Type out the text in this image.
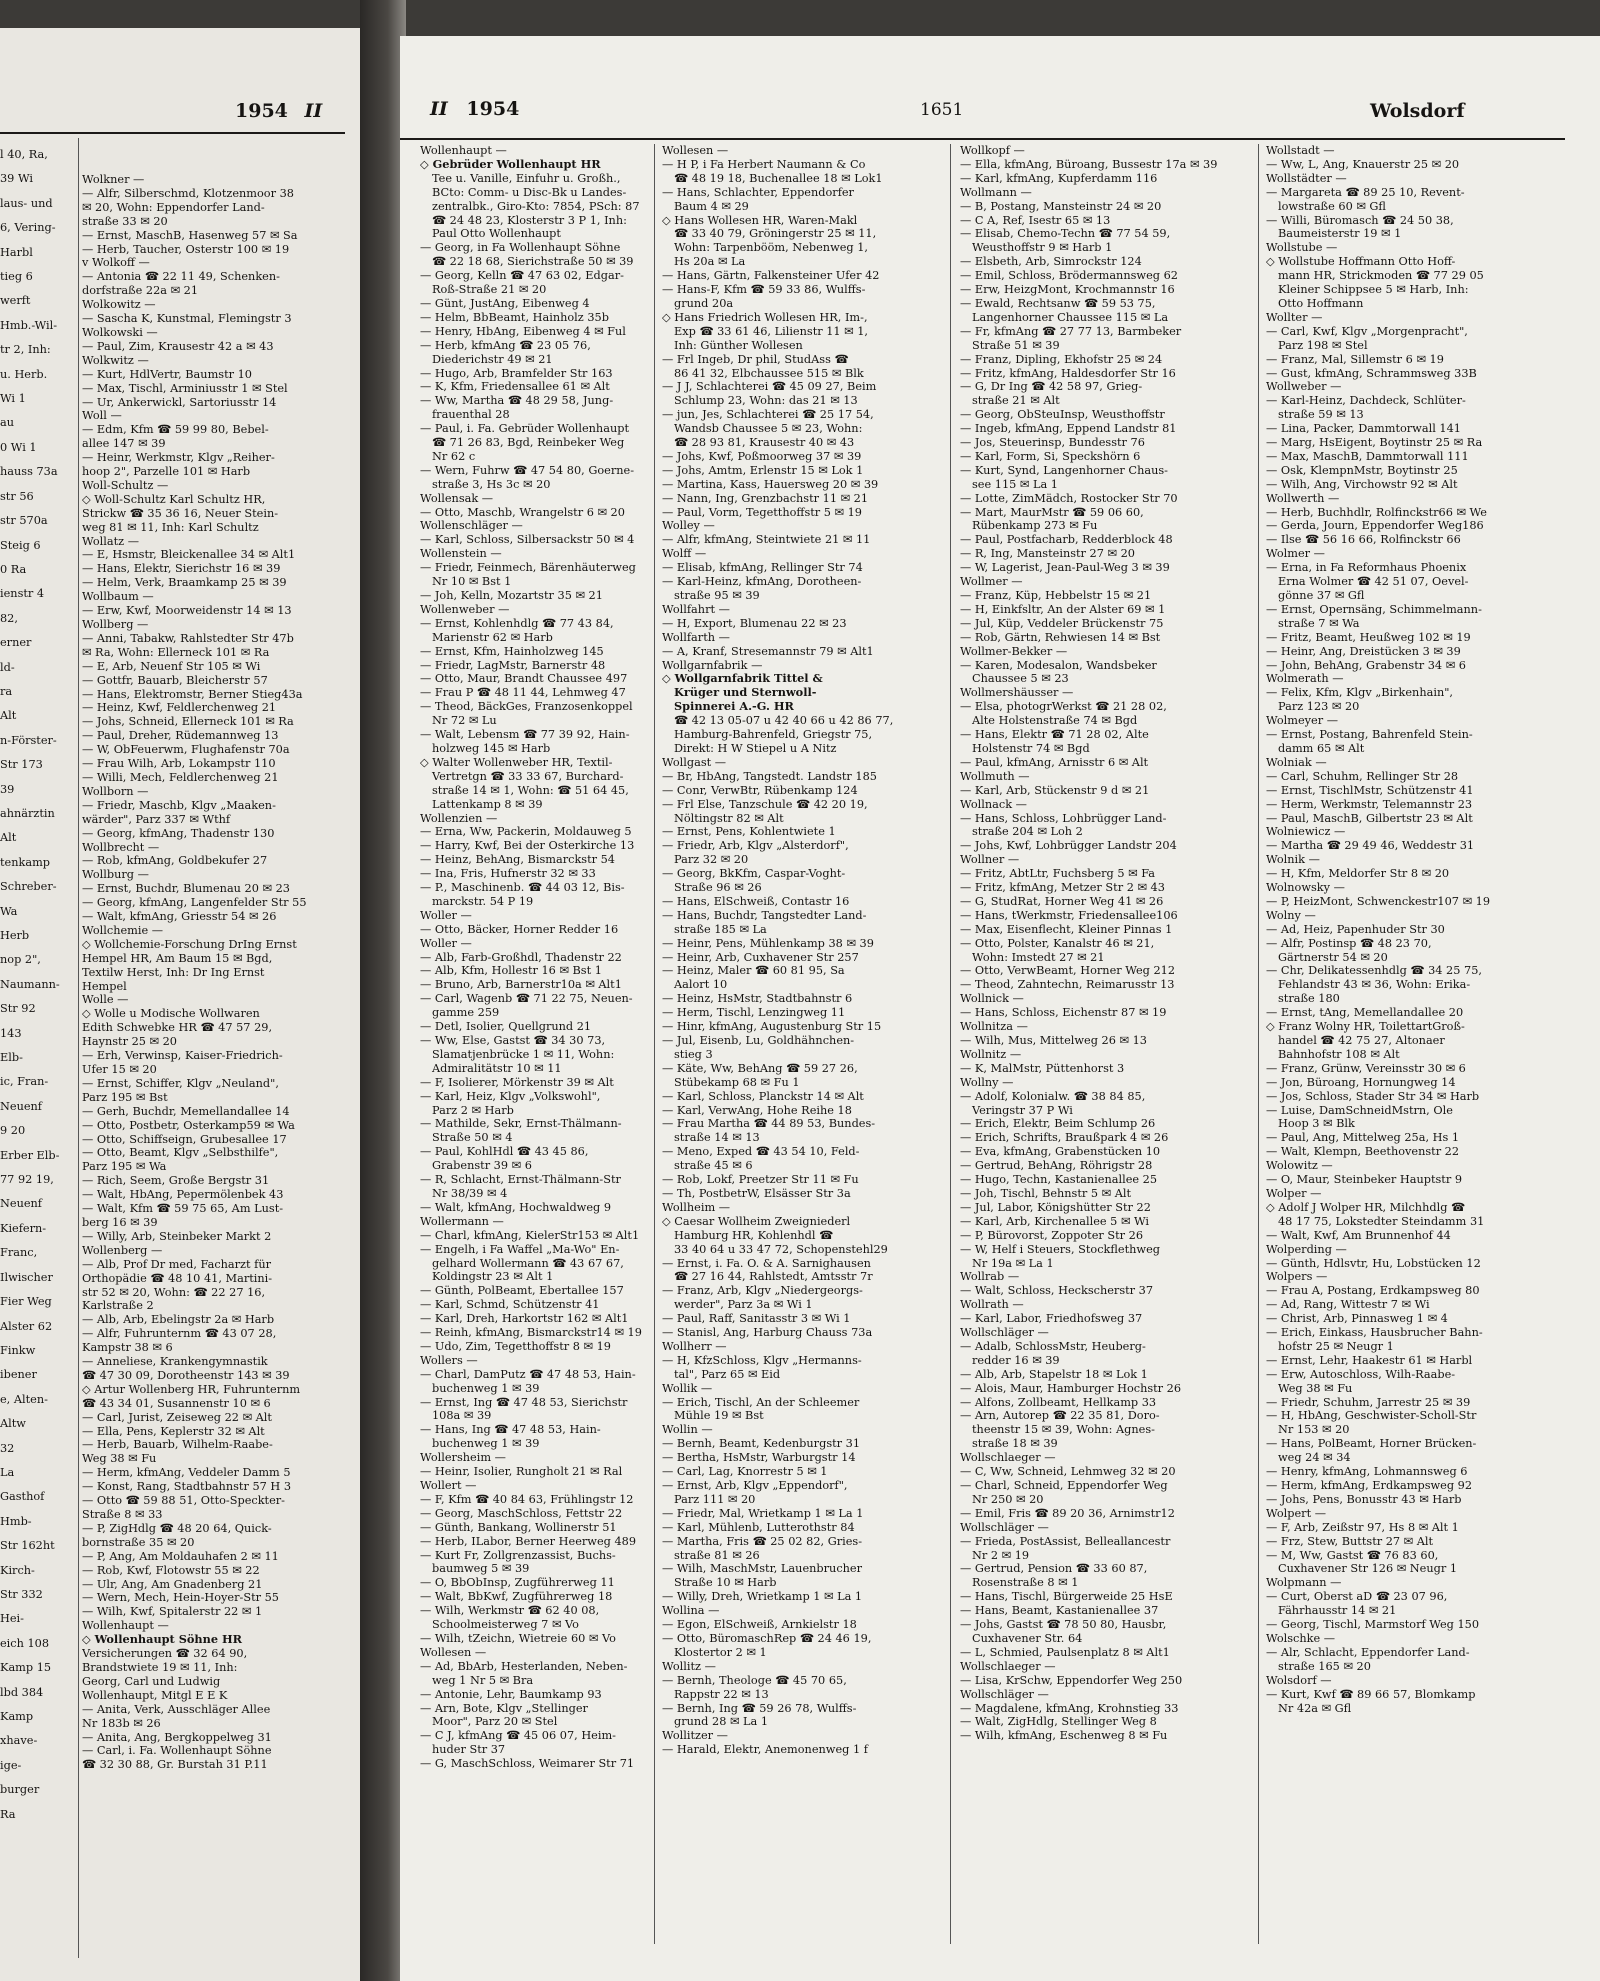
1954 II
l 40, Ra,
39 Wi
laus- und
6, Vering-
Harbl
tieg 6
werft
Hmb.-Wil-
tr 2, Inh:
u. Herb.
Wi 1
au
0 Wi 1
hauss 73a
str 56
str 570a
Steig 6
0 Ra
ienstr 4
82,
erner
ld-
ra
Alt
n-Förster-
Str 173
39
ahnärztin
Alt
tenkamp
Schreber-
Wa
Herb
nop 2",
Naumann-
Str 92
143
Elb-
ic, Fran-
Neuenf
9 20
Erber Elb-
77 92 19,
Neuenf
Kiefern-
Franc,
Ilwischer
Fier Weg
Alster 62
Finkw
ibener
e, Alten-
Altw
32
La
Gasthof
Hmb-
Str 162ht
Kirch-
Str 332
Hei-
eich 108
Kamp 15
lbd 384
Kamp
xhave-
ige-
burger
Ra
Wolkner —
— Alfr, Silberschmd, Klotzenmoor 38
✉ 20, Wohn: Eppendorfer Land-
straße 33 ✉ 20
— Ernst, MaschB, Hasenweg 57 ✉ Sa
— Herb, Taucher, Osterstr 100 ✉ 19
v Wolkoff —
— Antonia ☎ 22 11 49, Schenken-
dorfstraße 22a ✉ 21
Wolkowitz —
— Sascha K, Kunstmal, Flemingstr 3
Wolkowski —
— Paul, Zim, Krausestr 42 a ✉ 43
Wolkwitz —
— Kurt, HdlVertr, Baumstr 10
— Max, Tischl, Arminiusstr 1 ✉ Stel
— Ur, Ankerwickl, Sartoriusstr 14
Woll —
— Edm, Kfm ☎ 59 99 80, Bebel-
allee 147 ✉ 39
— Heinr, Werkmstr, Klgv „Reiher-
hoop 2", Parzelle 101 ✉ Harb
Woll-Schultz —
◇ Woll-Schultz Karl Schultz HR,
Strickw ☎ 35 36 16, Neuer Stein-
weg 81 ✉ 11, Inh: Karl Schultz
Wollatz —
— E, Hsmstr, Bleickenallee 34 ✉ Alt1
— Hans, Elektr, Sierichstr 16 ✉ 39
— Helm, Verk, Braamkamp 25 ✉ 39
Wollbaum —
— Erw, Kwf, Moorweidenstr 14 ✉ 13
Wollberg —
— Anni, Tabakw, Rahlstedter Str 47b
✉ Ra, Wohn: Ellerneck 101 ✉ Ra
— E, Arb, Neuenf Str 105 ✉ Wi
— Gottfr, Bauarb, Bleicherstr 57
— Hans, Elektromstr, Berner Stieg43a
— Heinz, Kwf, Feldlerchenweg 21
— Johs, Schneid, Ellerneck 101 ✉ Ra
— Paul, Dreher, Rüdemannweg 13
— W, ObFeuerwm, Flughafenstr 70a
— Frau Wilh, Arb, Lokampstr 110
— Willi, Mech, Feldlerchenweg 21
Wollborn —
— Friedr, Maschb, Klgv „Maaken-
wärder", Parz 337 ✉ Wthf
— Georg, kfmAng, Thadenstr 130
Wollbrecht —
— Rob, kfmAng, Goldbekufer 27
Wollburg —
— Ernst, Buchdr, Blumenau 20 ✉ 23
— Georg, kfmAng, Langenfelder Str 55
— Walt, kfmAng, Griesstr 54 ✉ 26
Wollchemie —
◇ Wollchemie-Forschung DrIng Ernst
Hempel HR, Am Baum 15 ✉ Bgd,
Textilw Herst, Inh: Dr Ing Ernst
Hempel
Wolle —
◇ Wolle u Modische Wollwaren
Edith Schwebke HR ☎ 47 57 29,
Haynstr 25 ✉ 20
— Erh, Verwinsp, Kaiser-Friedrich-
Ufer 15 ✉ 20
— Ernst, Schiffer, Klgv „Neuland",
Parz 195 ✉ Bst
— Gerh, Buchdr, Memellandallee 14
— Otto, Postbetr, Osterkamp59 ✉ Wa
— Otto, Schiffseign, Grubesallee 17
— Otto, Beamt, Klgv „Selbsthilfe",
Parz 195 ✉ Wa
— Rich, Seem, Große Bergstr 31
— Walt, HbAng, Pepermölenbek 43
— Walt, Kfm ☎ 59 75 65, Am Lust-
berg 16 ✉ 39
— Willy, Arb, Steinbeker Markt 2
Wollenberg —
— Alb, Prof Dr med, Facharzt für
Orthopädie ☎ 48 10 41, Martini-
str 52 ✉ 20, Wohn: ☎ 22 27 16,
Karlstraße 2
— Alb, Arb, Ebelingstr 2a ✉ Harb
— Alfr, Fuhrunternm ☎ 43 07 28,
Kampstr 38 ✉ 6
— Anneliese, Krankengymnastik
☎ 47 30 09, Dorotheenstr 143 ✉ 39
◇ Artur Wollenberg HR, Fuhrunternm
☎ 43 34 01, Susannenstr 10 ✉ 6
— Carl, Jurist, Zeiseweg 22 ✉ Alt
— Ella, Pens, Keplerstr 32 ✉ Alt
— Herb, Bauarb, Wilhelm-Raabe-
Weg 38 ✉ Fu
— Herm, kfmAng, Veddeler Damm 5
— Konst, Rang, Stadtbahnstr 57 H 3
— Otto ☎ 59 88 51, Otto-Speckter-
Straße 8 ✉ 33
— P, ZigHdlg ☎ 48 20 64, Quick-
bornstraße 35 ✉ 20
— P, Ang, Am Moldauhafen 2 ✉ 11
— Rob, Kwf, Flotowstr 55 ✉ 22
— Ulr, Ang, Am Gnadenberg 21
— Wern, Mech, Hein-Hoyer-Str 55
— Wilh, Kwf, Spitalerstr 22 ✉ 1
Wollenhaupt —
◇ Wollenhaupt Söhne HR
Versicherungen ☎ 32 64 90,
Brandstwiete 19 ✉ 11, Inh:
Georg, Carl und Ludwig
Wollenhaupt, Mitgl E E K
— Anita, Verk, Ausschläger Allee
Nr 183b ✉ 26
— Anita, Ang, Bergkoppelweg 31
— Carl, i. Fa. Wollenhaupt Söhne
☎ 32 30 88, Gr. Burstah 31 P.11
II 1954	1651	Wolsdorf
Wollenhaupt —
◇ Gebrüder Wollenhaupt HR
Tee u. Vanille, Einfuhr u. Großh.,
BCto: Comm- u Disc-Bk u Landes-
zentralbk., Giro-Kto: 7854, PSch: 87
☎ 24 48 23, Klosterstr 3 P 1, Inh:
Paul Otto Wollenhaupt
— Georg, in Fa Wollenhaupt Söhne
☎ 22 18 68, Sierichstraße 50 ✉ 39
— Georg, Kelln ☎ 47 63 02, Edgar-
Roß-Straße 21 ✉ 20
— Günt, JustAng, Eibenweg 4
— Helm, BbBeamt, Hainholz 35b
— Henry, HbAng, Eibenweg 4 ✉ Ful
— Herb, kfmAng ☎ 23 05 76,
Diederichstr 49 ✉ 21
— Hugo, Arb, Bramfelder Str 163
— K, Kfm, Friedensallee 61 ✉ Alt
— Ww, Martha ☎ 48 29 58, Jung-
frauenthal 28
— Paul, i. Fa. Gebrüder Wollenhaupt
☎ 71 26 83, Bgd, Reinbeker Weg
Nr 62 c
— Wern, Fuhrw ☎ 47 54 80, Goerne-
straße 3, Hs 3c ✉ 20
Wollensak —
— Otto, Maschb, Wrangelstr 6 ✉ 20
Wollenschläger —
— Karl, Schloss, Silbersackstr 50 ✉ 4
Wollenstein —
— Friedr, Feinmech, Bärenhäuterweg
Nr 10 ✉ Bst 1
— Joh, Kelln, Mozartstr 35 ✉ 21
Wollenweber —
— Ernst, Kohlenhdlg ☎ 77 43 84,
Marienstr 62 ✉ Harb
— Ernst, Kfm, Hainholzweg 145
— Friedr, LagMstr, Barnerstr 48
— Otto, Maur, Brandt Chaussee 497
— Frau P ☎ 48 11 44, Lehmweg 47
— Theod, BäckGes, Franzosenkoppel
Nr 72 ✉ Lu
— Walt, Lebensm ☎ 77 39 92, Hain-
holzweg 145 ✉ Harb
◇ Walter Wollenweber HR, Textil-
Vertretgn ☎ 33 33 67, Burchard-
straße 14 ✉ 1, Wohn: ☎ 51 64 45,
Lattenkamp 8 ✉ 39
Wollenzien —
— Erna, Ww, Packerin, Moldauweg 5
— Harry, Kwf, Bei der Osterkirche 13
— Heinz, BehAng, Bismarckstr 54
— Ina, Fris, Hufnerstr 32 ✉ 33
— P., Maschinenb. ☎ 44 03 12, Bis-
marckstr. 54 P 19
Woller —
— Otto, Bäcker, Horner Redder 16
Woller —
— Alb, Farb-Großhdl, Thadenstr 22
— Alb, Kfm, Hollestr 16 ✉ Bst 1
— Bruno, Arb, Barnerstr10a ✉ Alt1
— Carl, Wagenb ☎ 71 22 75, Neuen-
gamme 259
— Detl, Isolier, Quellgrund 21
— Ww, Else, Gastst ☎ 34 30 73,
Slamatjenbrücke 1 ✉ 11, Wohn:
Admiralitätstr 10 ✉ 11
— F, Isolierer, Mörkenstr 39 ✉ Alt
— Karl, Heiz, Klgv „Volkswohl",
Parz 2 ✉ Harb
— Mathilde, Sekr, Ernst-Thälmann-
Straße 50 ✉ 4
— Paul, KohlHdl ☎ 43 45 86,
Grabenstr 39 ✉ 6
— R, Schlacht, Ernst-Thälmann-Str
Nr 38/39 ✉ 4
— Walt, kfmAng, Hochwaldweg 9
Wollermann —
— Charl, kfmAng, KielerStr153 ✉ Alt1
— Engelh, i Fa Waffel „Ma-Wo" En-
gelhard Wollermann ☎ 43 67 67,
Koldingstr 23 ✉ Alt 1
— Günth, PolBeamt, Ebertallee 157
— Karl, Schmd, Schützenstr 41
— Karl, Dreh, Harkortstr 162 ✉ Alt1
— Reinh, kfmAng, Bismarckstr14 ✉ 19
— Udo, Zim, Tegetthoffstr 8 ✉ 19
Wollers —
— Charl, DamPutz ☎ 47 48 53, Hain-
buchenweg 1 ✉ 39
— Ernst, Ing ☎ 47 48 53, Sierichstr
108a ✉ 39
— Hans, Ing ☎ 47 48 53, Hain-
buchenweg 1 ✉ 39
Wollersheim —
— Heinr, Isolier, Rungholt 21 ✉ Ral
Wollert —
— F, Kfm ☎ 40 84 63, Frühlingstr 12
— Georg, MaschSchloss, Fettstr 22
— Günth, Bankang, Wollinerstr 51
— Herb, ILabor, Berner Heerweg 489
— Kurt Fr, Zollgrenzassist, Buchs-
baumweg 5 ✉ 39
— O, BbObInsp, Zugführerweg 11
— Walt, BbKwf, Zugführerweg 18
— Wilh, Werkmstr ☎ 62 40 08,
Schoolmeisterweg 7 ✉ Vo
— Wilh, tZeichn, Wietreie 60 ✉ Vo
Wollesen —
— Ad, BbArb, Hesterlanden, Neben-
weg 1 Nr 5 ✉ Bra
— Antonie, Lehr, Baumkamp 93
— Arn, Bote, Klgv „Stellinger
Moor", Parz 20 ✉ Stel
— C J, kfmAng ☎ 45 06 07, Heim-
huder Str 37
— G, MaschSchloss, Weimarer Str 71
Wollesen —
— H P, i Fa Herbert Naumann & Co
☎ 48 19 18, Buchenallee 18 ✉ Lok1
— Hans, Schlachter, Eppendorfer
Baum 4 ✉ 29
◇ Hans Wollesen HR, Waren-Makl
☎ 33 40 79, Gröningerstr 25 ✉ 11,
Wohn: Tarpenbööm, Nebenweg 1,
Hs 20a ✉ La
— Hans, Gärtn, Falkensteiner Ufer 42
— Hans-F, Kfm ☎ 59 33 86, Wulffs-
grund 20a
◇ Hans Friedrich Wollesen HR, Im-,
Exp ☎ 33 61 46, Lilienstr 11 ✉ 1,
Inh: Günther Wollesen
— Frl Ingeb, Dr phil, StudAss ☎
86 41 32, Elbchaussee 515 ✉ Blk
— J J, Schlachterei ☎ 45 09 27, Beim
Schlump 23, Wohn: das 21 ✉ 13
— jun, Jes, Schlachterei ☎ 25 17 54,
Wandsb Chaussee 5 ✉ 23, Wohn:
☎ 28 93 81, Krausestr 40 ✉ 43
— Johs, Kwf, Poßmoorweg 37 ✉ 39
— Johs, Amtm, Erlenstr 15 ✉ Lok 1
— Martina, Kass, Hauersweg 20 ✉ 39
— Nann, Ing, Grenzbachstr 11 ✉ 21
— Paul, Vorm, Tegetthoffstr 5 ✉ 19
Wolley —
— Alfr, kfmAng, Steintwiete 21 ✉ 11
Wolff —
— Elisab, kfmAng, Rellinger Str 74
— Karl-Heinz, kfmAng, Dorotheen-
straße 95 ✉ 39
Wollfahrt —
— H, Export, Blumenau 22 ✉ 23
Wollfarth —
— A, Kranf, Stresemannstr 79 ✉ Alt1
Wollgarnfabrik —
◇ Wollgarnfabrik Tittel &
Krüger und Sternwoll-
Spinnerei A.-G. HR
☎ 42 13 05-07 u 42 40 66 u 42 86 77,
Hamburg-Bahrenfeld, Griegstr 75,
Direkt: H W Stiepel u A Nitz
Wollgast —
— Br, HbAng, Tangstedt. Landstr 185
— Conr, VerwBtr, Rübenkamp 124
— Frl Else, Tanzschule ☎ 42 20 19,
Nöltingstr 82 ✉ Alt
— Ernst, Pens, Kohlentwiete 1
— Friedr, Arb, Klgv „Alsterdorf",
Parz 32 ✉ 20
— Georg, BkKfm, Caspar-Voght-
Straße 96 ✉ 26
— Hans, ElSchweiß, Contastr 16
— Hans, Buchdr, Tangstedter Land-
straße 185 ✉ La
— Heinr, Pens, Mühlenkamp 38 ✉ 39
— Heinr, Arb, Cuxhavener Str 257
— Heinz, Maler ☎ 60 81 95, Sa
Aalort 10
— Heinz, HsMstr, Stadtbahnstr 6
— Herm, Tischl, Lenzingweg 11
— Hinr, kfmAng, Augustenburg Str 15
— Jul, Eisenb, Lu, Goldhähnchen-
stieg 3
— Käte, Ww, BehAng ☎ 59 27 26,
Stübekamp 68 ✉ Fu 1
— Karl, Schloss, Planckstr 14 ✉ Alt
— Karl, VerwAng, Hohe Reihe 18
— Frau Martha ☎ 44 89 53, Bundes-
straße 14 ✉ 13
— Meno, Exped ☎ 43 54 10, Feld-
straße 45 ✉ 6
— Rob, Lokf, Preetzer Str 11 ✉ Fu
— Th, PostbetrW, Elsässer Str 3a
Wollheim —
◇ Caesar Wollheim Zweigniederl
Hamburg HR, Kohlenhdl ☎
33 40 64 u 33 47 72, Schopenstehl29
— Ernst, i. Fa. O. & A. Sarnighausen
☎ 27 16 44, Rahlstedt, Amtsstr 7r
— Franz, Arb, Klgv „Niedergeorgs-
werder", Parz 3a ✉ Wi 1
— Paul, Raff, Sanitasstr 3 ✉ Wi 1
— Stanisl, Ang, Harburg Chauss 73a
Wollherr —
— H, KfzSchloss, Klgv „Hermanns-
tal", Parz 65 ✉ Eid
Wollik —
— Erich, Tischl, An der Schleemer
Mühle 19 ✉ Bst
Wollin —
— Bernh, Beamt, Kedenburgstr 31
— Bertha, HsMstr, Warburgstr 14
— Carl, Lag, Knorrestr 5 ✉ 1
— Ernst, Arb, Klgv „Eppendorf",
Parz 111 ✉ 20
— Friedr, Mal, Wrietkamp 1 ✉ La 1
— Karl, Mühlenb, Lutterothstr 84
— Martha, Fris ☎ 25 02 82, Gries-
straße 81 ✉ 26
— Wilh, MaschMstr, Lauenbrucher
Straße 10 ✉ Harb
— Willy, Dreh, Wrietkamp 1 ✉ La 1
Wollina —
— Egon, ElSchweiß, Arnkielstr 18
— Otto, BüromaschRep ☎ 24 46 19,
Klostertor 2 ✉ 1
Wollitz —
— Bernh, Theologe ☎ 45 70 65,
Rappstr 22 ✉ 13
— Bernh, Ing ☎ 59 26 78, Wulffs-
grund 28 ✉ La 1
Wollitzer —
— Harald, Elektr, Anemonenweg 1 f
Wollkopf —
— Ella, kfmAng, Büroang, Bussestr 17a ✉ 39
— Karl, kfmAng, Kupferdamm 116
Wollmann —
— B, Postang, Mansteinstr 24 ✉ 20
— C A, Ref, Isestr 65 ✉ 13
— Elisab, Chemo-Techn ☎ 77 54 59,
Weusthoffstr 9 ✉ Harb 1
— Elsbeth, Arb, Simrockstr 124
— Emil, Schloss, Brödermannsweg 62
— Erw, HeizgMont, Krochmannstr 16
— Ewald, Rechtsanw ☎ 59 53 75,
Langenhorner Chaussee 115 ✉ La
— Fr, kfmAng ☎ 27 77 13, Barmbeker
Straße 51 ✉ 39
— Franz, Dipling, Ekhofstr 25 ✉ 24
— Fritz, kfmAng, Haldesdorfer Str 16
— G, Dr Ing ☎ 42 58 97, Grieg-
straße 21 ✉ Alt
— Georg, ObSteuInsp, Weusthoffstr
— Ingeb, kfmAng, Eppend Landstr 81
— Jos, Steuerinsp, Bundesstr 76
— Karl, Form, Si, Speckshörn 6
— Kurt, Synd, Langenhorner Chaus-
see 115 ✉ La 1
— Lotte, ZimMädch, Rostocker Str 70
— Mart, MaurMstr ☎ 59 06 60,
Rübenkamp 273 ✉ Fu
— Paul, Postfacharb, Redderblock 48
— R, Ing, Mansteinstr 27 ✉ 20
— W, Lagerist, Jean-Paul-Weg 3 ✉ 39
Wollmer —
— Franz, Küp, Hebbelstr 15 ✉ 21
— H, Einkfsltr, An der Alster 69 ✉ 1
— Jul, Küp, Veddeler Brückenstr 75
— Rob, Gärtn, Rehwiesen 14 ✉ Bst
Wollmer-Bekker —
— Karen, Modesalon, Wandsbeker
Chaussee 5 ✉ 23
Wollmershäusser —
— Elsa, photogrWerkst ☎ 21 28 02,
Alte Holstenstraße 74 ✉ Bgd
— Hans, Elektr ☎ 71 28 02, Alte
Holstenstr 74 ✉ Bgd
— Paul, kfmAng, Arnisstr 6 ✉ Alt
Wollmuth —
— Karl, Arb, Stückenstr 9 d ✉ 21
Wollnack —
— Hans, Schloss, Lohbrügger Land-
straße 204 ✉ Loh 2
— Johs, Kwf, Lohbrügger Landstr 204
Wollner —
— Fritz, AbtLtr, Fuchsberg 5 ✉ Fa
— Fritz, kfmAng, Metzer Str 2 ✉ 43
— G, StudRat, Horner Weg 41 ✉ 26
— Hans, tWerkmstr, Friedensallee106
— Max, Eisenflecht, Kleiner Pinnas 1
— Otto, Polster, Kanalstr 46 ✉ 21,
Wohn: Imstedt 27 ✉ 21
— Otto, VerwBeamt, Horner Weg 212
— Theod, Zahntechn, Reimarusstr 13
Wollnick —
— Hans, Schloss, Eichenstr 87 ✉ 19
Wollnitza —
— Wilh, Mus, Mittelweg 26 ✉ 13
Wollnitz —
— K, MalMstr, Püttenhorst 3
Wollny —
— Adolf, Kolonialw. ☎ 38 84 85,
Veringstr 37 P Wi
— Erich, Elektr, Beim Schlump 26
— Erich, Schrifts, Braußpark 4 ✉ 26
— Eva, kfmAng, Grabenstücken 10
— Gertrud, BehAng, Röhrigstr 28
— Hugo, Techn, Kastanienallee 25
— Joh, Tischl, Behnstr 5 ✉ Alt
— Jul, Labor, Königshütter Str 22
— Karl, Arb, Kirchenallee 5 ✉ Wi
— P, Bürovorst, Zoppoter Str 26
— W, Helf i Steuers, Stockflethweg
Nr 19a ✉ La 1
Wollrab —
— Walt, Schloss, Heckscherstr 37
Wollrath —
— Karl, Labor, Friedhofsweg 37
Wollschläger —
— Adalb, SchlossMstr, Heuberg-
redder 16 ✉ 39
— Alb, Arb, Stapelstr 18 ✉ Lok 1
— Alois, Maur, Hamburger Hochstr 26
— Alfons, Zollbeamt, Hellkamp 33
— Arn, Autorep ☎ 22 35 81, Doro-
theenstr 15 ✉ 39, Wohn: Agnes-
straße 18 ✉ 39
Wollschlaeger —
— C, Ww, Schneid, Lehmweg 32 ✉ 20
— Charl, Schneid, Eppendorfer Weg
Nr 250 ✉ 20
— Emil, Fris ☎ 89 20 36, Arnimstr12
Wollschläger —
— Frieda, PostAssist, Belleallancestr
Nr 2 ✉ 19
— Gertrud, Pension ☎ 33 60 87,
Rosenstraße 8 ✉ 1
— Hans, Tischl, Bürgerweide 25 HsE
— Hans, Beamt, Kastanienallee 37
— Johs, Gastst ☎ 78 50 80, Hausbr,
Cuxhavener Str. 64
— L, Schmied, Paulsenplatz 8 ✉ Alt1
Wollschlaeger —
— Lisa, KrSchw, Eppendorfer Weg 250
Wollschläger —
— Magdalene, kfmAng, Krohnstieg 33
— Walt, ZigHdlg, Stellinger Weg 8
— Wilh, kfmAng, Eschenweg 8 ✉ Fu
Wollstadt —
— Ww, L, Ang, Knauerstr 25 ✉ 20
Wollstädter —
— Margareta ☎ 89 25 10, Revent-
lowstraße 60 ✉ Gfl
— Willi, Büromasch ☎ 24 50 38,
Baumeisterstr 19 ✉ 1
Wollstube —
◇ Wollstube Hoffmann Otto Hoff-
mann HR, Strickmoden ☎ 77 29 05
Kleiner Schippsee 5 ✉ Harb, Inh:
Otto Hoffmann
Wollter —
— Carl, Kwf, Klgv „Morgenpracht",
Parz 198 ✉ Stel
— Franz, Mal, Sillemstr 6 ✉ 19
— Gust, kfmAng, Schrammsweg 33B
Wollweber —
— Karl-Heinz, Dachdeck, Schlüter-
straße 59 ✉ 13
— Lina, Packer, Dammtorwall 141
— Marg, HsEigent, Boytinstr 25 ✉ Ra
— Max, MaschB, Dammtorwall 111
— Osk, KlempnMstr, Boytinstr 25
— Wilh, Ang, Virchowstr 92 ✉ Alt
Wollwerth —
— Herb, Buchhdlr, Rolfinckstr66 ✉ We
— Gerda, Journ, Eppendorfer Weg186
— Ilse ☎ 56 16 66, Rolfinckstr 66
Wolmer —
— Erna, in Fa Reformhaus Phoenix
Erna Wolmer ☎ 42 51 07, Oevel-
gönne 37 ✉ Gfl
— Ernst, Opernsäng, Schimmelmann-
straße 7 ✉ Wa
— Fritz, Beamt, Heußweg 102 ✉ 19
— Heinr, Ang, Dreistücken 3 ✉ 39
— John, BehAng, Grabenstr 34 ✉ 6
Wolmerath —
— Felix, Kfm, Klgv „Birkenhain",
Parz 123 ✉ 20
Wolmeyer —
— Ernst, Postang, Bahrenfeld Stein-
damm 65 ✉ Alt
Wolniak —
— Carl, Schuhm, Rellinger Str 28
— Ernst, TischlMstr, Schützenstr 41
— Herm, Werkmstr, Telemannstr 23
— Paul, MaschB, Gilbertstr 23 ✉ Alt
Wolniewicz —
— Martha ☎ 29 49 46, Weddestr 31
Wolnik —
— H, Kfm, Meldorfer Str 8 ✉ 20
Wolnowsky —
— P, HeizMont, Schwenckestr107 ✉ 19
Wolny —
— Ad, Heiz, Papenhuder Str 30
— Alfr, Postinsp ☎ 48 23 70,
Gärtnerstr 54 ✉ 20
— Chr, Delikatessenhdlg ☎ 34 25 75,
Fehlandstr 43 ✉ 36, Wohn: Erika-
straße 180
— Ernst, tAng, Memellandallee 20
◇ Franz Wolny HR, ToilettartGroß-
handel ☎ 42 75 27, Altonaer
Bahnhofstr 108 ✉ Alt
— Franz, Grünw, Vereinsstr 30 ✉ 6
— Jon, Büroang, Hornungweg 14
— Jos, Schloss, Stader Str 34 ✉ Harb
— Luise, DamSchneidMstrn, Ole
Hoop 3 ✉ Blk
— Paul, Ang, Mittelweg 25a, Hs 1
— Walt, Klempn, Beethovenstr 22
Wolowitz —
— O, Maur, Steinbeker Hauptstr 9
Wolper —
◇ Adolf J Wolper HR, Milchhdlg ☎
48 17 75, Lokstedter Steindamm 31
— Walt, Kwf, Am Brunnenhof 44
Wolperding —
— Günth, Hdlsvtr, Hu, Lobstücken 12
Wolpers —
— Frau A, Postang, Erdkampsweg 80
— Ad, Rang, Wittestr 7 ✉ Wi
— Christ, Arb, Pinnasweg 1 ✉ 4
— Erich, Einkass, Hausbrucher Bahn-
hofstr 25 ✉ Neugr 1
— Ernst, Lehr, Haakestr 61 ✉ Harbl
— Erw, Autoschloss, Wilh-Raabe-
Weg 38 ✉ Fu
— Friedr, Schuhm, Jarrestr 25 ✉ 39
— H, HbAng, Geschwister-Scholl-Str
Nr 153 ✉ 20
— Hans, PolBeamt, Horner Brücken-
weg 24 ✉ 34
— Henry, kfmAng, Lohmannsweg 6
— Herm, kfmAng, Erdkampsweg 92
— Johs, Pens, Bonusstr 43 ✉ Harb
Wolpert —
— F, Arb, Zeißstr 97, Hs 8 ✉ Alt 1
— Frz, Stew, Buttstr 27 ✉ Alt
— M, Ww, Gastst ☎ 76 83 60,
Cuxhavener Str 126 ✉ Neugr 1
Wolpmann —
— Curt, Oberst aD ☎ 23 07 96,
Fährhausstr 14 ✉ 21
— Georg, Tischl, Marmstorf Weg 150
Wolschke —
— Alr, Schlacht, Eppendorfer Land-
straße 165 ✉ 20
Wolsdorf —
— Kurt, Kwf ☎ 89 66 57, Blomkamp
Nr 42a ✉ Gfl
